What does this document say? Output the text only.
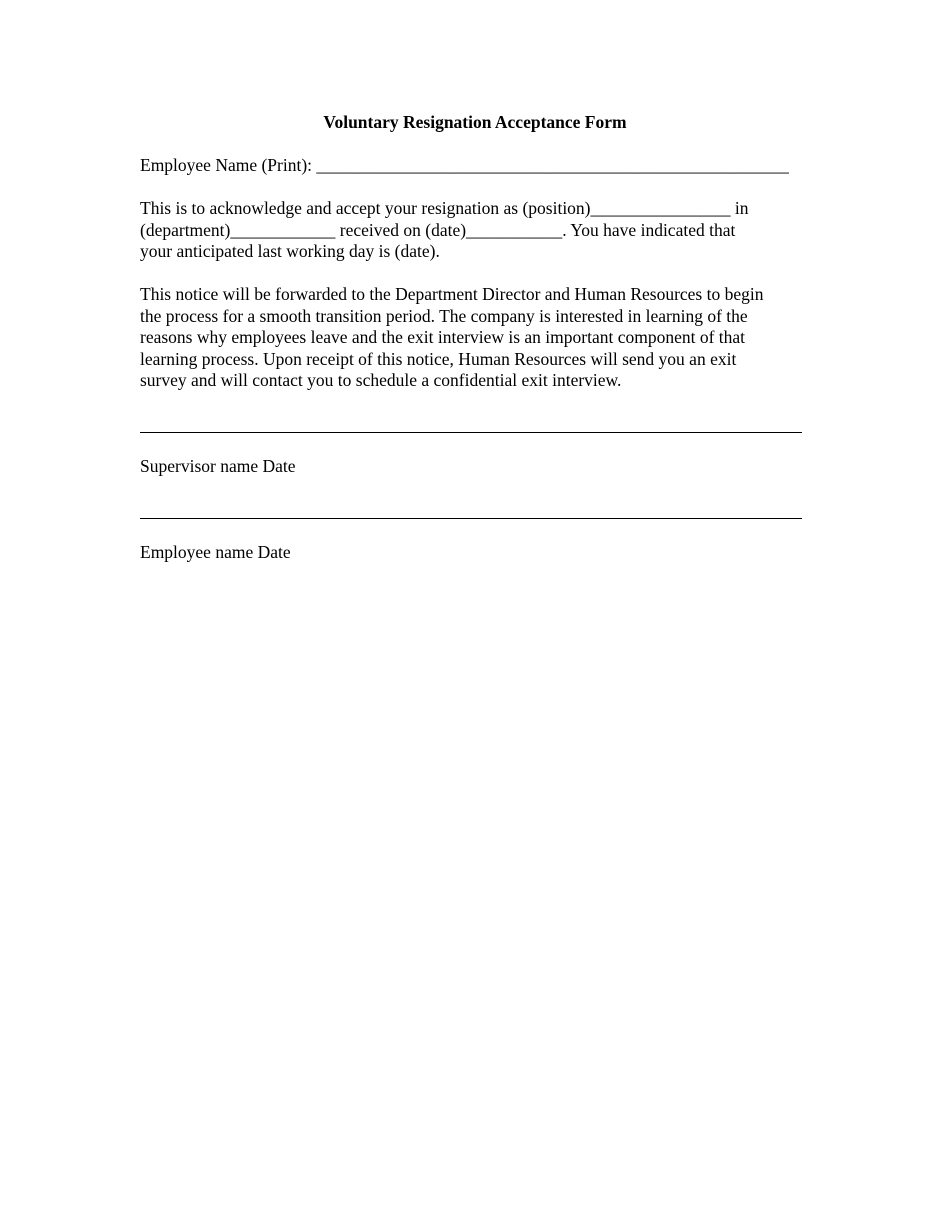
Voluntary Resignation Acceptance Form
Employee Name (Print): ______________________________________________________
This is to acknowledge and accept your resignation as (position)________________ in
(department)____________ received on (date)___________. You have indicated that
your anticipated last working day is (date).
This notice will be forwarded to the Department Director and Human Resources to begin
the process for a smooth transition period. The company is interested in learning of the
reasons why employees leave and the exit interview is an important component of that
learning process. Upon receipt of this notice, Human Resources will send you an exit
survey and will contact you to schedule a confidential exit interview.
Supervisor name Date
Employee name Date
